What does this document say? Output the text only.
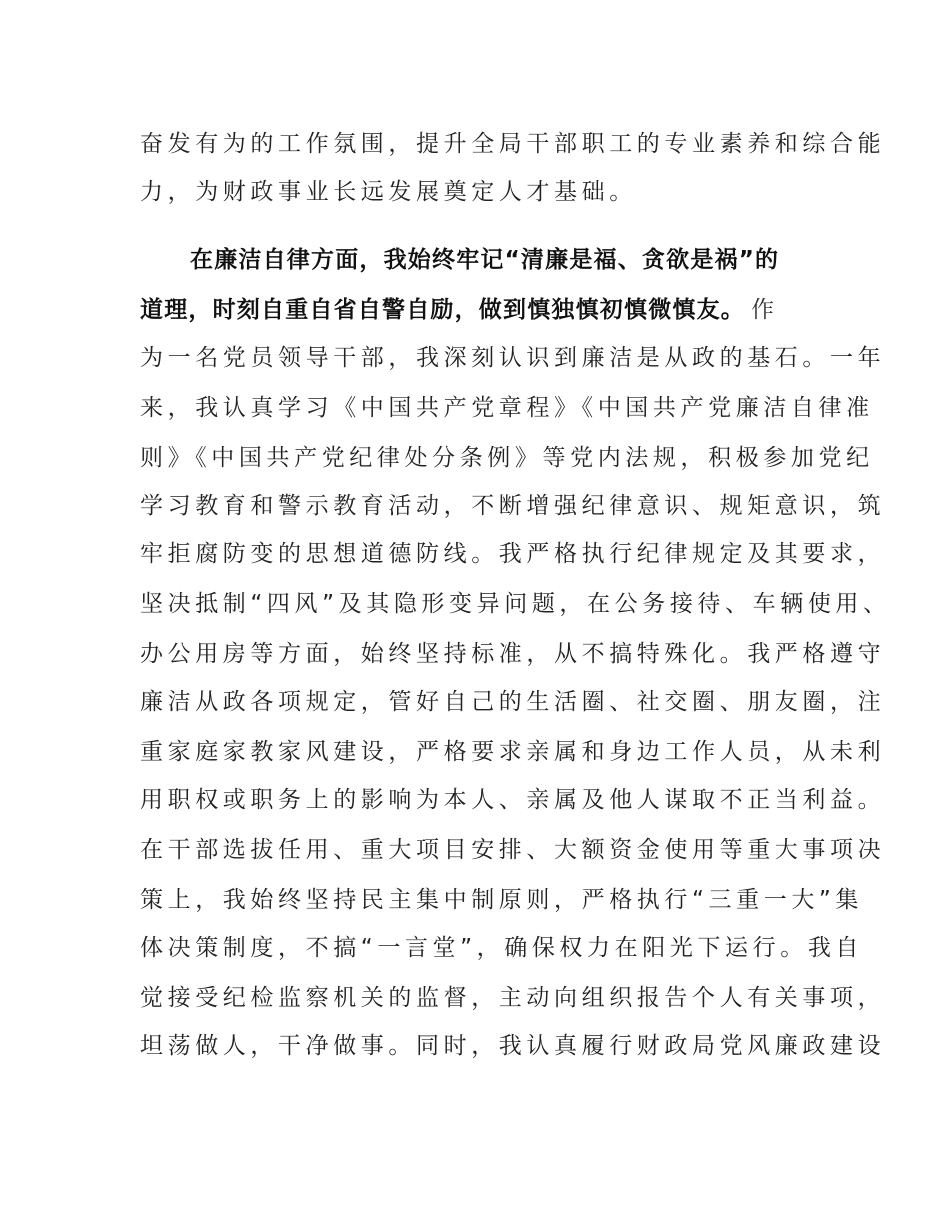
奋发有为的工作氛围，提升全局干部职工的专业素养和综合能
力，为财政事业长远发展奠定人才基础。
在廉洁自律方面，我始终牢记“清廉是福、贪欲是祸”的
道理，时刻自重自省自警自励，做到慎独慎初慎微慎友。 作
为一名党员领导干部，我深刻认识到廉洁是从政的基石。一年
来，我认真学习《中国共产党章程》《中国共产党廉洁自律准
则》《中国共产党纪律处分条例》等党内法规，积极参加党纪
学习教育和警示教育活动，不断增强纪律意识、规矩意识，筑
牢拒腐防变的思想道德防线。我严格执行纪律规定及其要求，
坚决抵制“四风”及其隐形变异问题，在公务接待、车辆使用、
办公用房等方面，始终坚持标准，从不搞特殊化。我严格遵守
廉洁从政各项规定，管好自己的生活圈、社交圈、朋友圈，注
重家庭家教家风建设，严格要求亲属和身边工作人员，从未利
用职权或职务上的影响为本人、亲属及他人谋取不正当利益。
在干部选拔任用、重大项目安排、大额资金使用等重大事项决
策上，我始终坚持民主集中制原则，严格执行“三重一大”集
体决策制度，不搞“一言堂”，确保权力在阳光下运行。我自
觉接受纪检监察机关的监督，主动向组织报告个人有关事项，
坦荡做人，干净做事。同时，我认真履行财政局党风廉政建设
